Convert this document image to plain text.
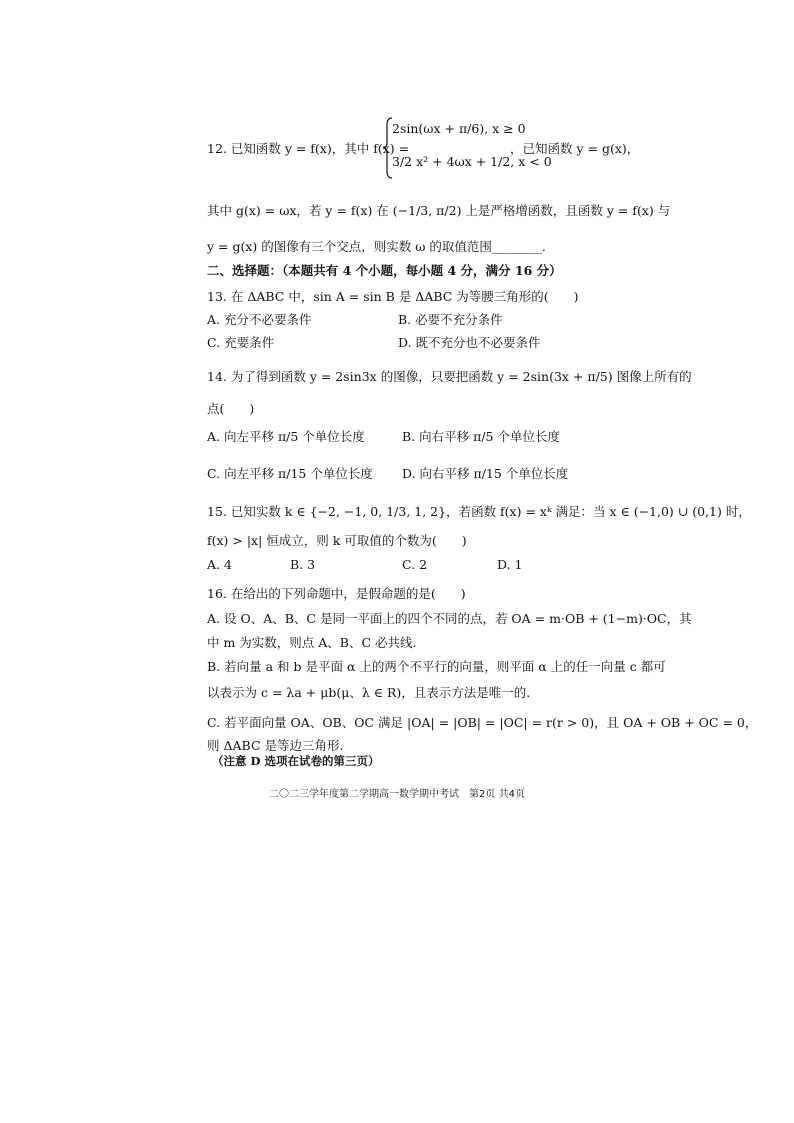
12. 已知函数 y = f(x)，其中 f(x) =
2sin(ωx + π/6), x ≥ 0
3/2 x² + 4ωx + 1/2, x < 0
，已知函数 y = g(x)，
其中 g(x) = ωx，若 y = f(x) 在 (−1/3, π/2) 上是严格增函数，且函数 y = f(x) 与
y = g(x) 的图像有三个交点，则实数 ω 的取值范围________.
二、选择题：（本题共有 4 个小题，每小题 4 分，满分 16 分）
13. 在 ΔABC 中，sin A = sin B 是 ΔABC 为等腰三角形的(　　)
A. 充分不必要条件	B. 必要不充分条件
C. 充要条件	D. 既不充分也不必要条件
14. 为了得到函数 y = 2sin3x 的图像，只要把函数 y = 2sin(3x + π/5) 图像上所有的
点(　　)
A. 向左平移 π/5 个单位长度	B. 向右平移 π/5 个单位长度
C. 向左平移 π/15 个单位长度 D. 向右平移 π/15 个单位长度
15. 已知实数 k ∈ {−2, −1, 0, 1/3, 1, 2}，若函数 f(x) = xᵏ 满足：当 x ∈ (−1,0) ∪ (0,1) 时，
f(x) > |x| 恒成立，则 k 可取值的个数为(　　)
A. 4	B. 3	C. 2	D. 1
16. 在给出的下列命题中，是假命题的是(　　)
A. 设 O、A、B、C 是同一平面上的四个不同的点，若 OA = m·OB + (1−m)·OC，其
中 m 为实数，则点 A、B、C 必共线.
B. 若向量 a 和 b 是平面 α 上的两个不平行的向量，则平面 α 上的任一向量 c 都可
以表示为 c = λa + μb(μ、λ ∈ R)，且表示方法是唯一的.
C. 若平面向量 OA、OB、OC 满足 |OA| = |OB| = |OC| = r(r > 0)，且 OA + OB + OC = 0，
则 ΔABC 是等边三角形.
（注意 D 选项在试卷的第三页）
二〇二三学年度第二学期高一数学期中考试　第2页 共4页
